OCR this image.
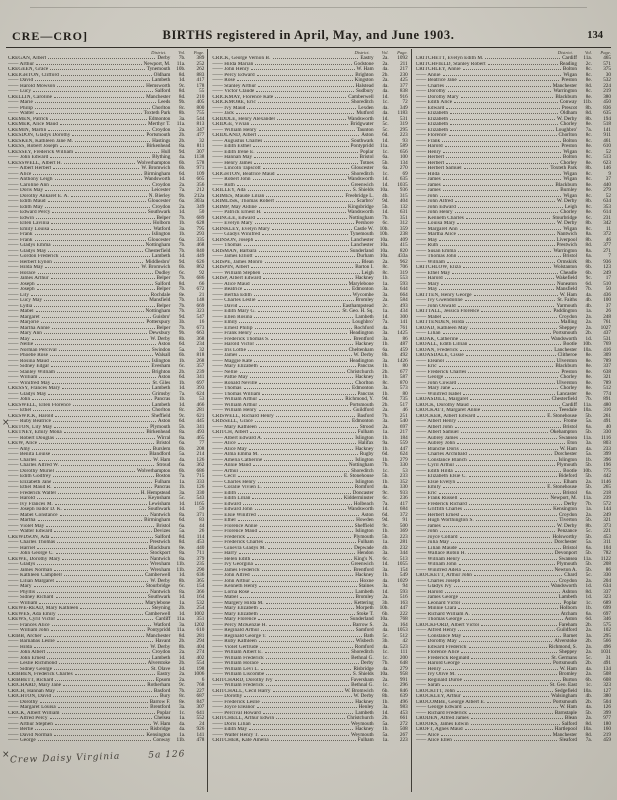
CRE—CRO]	BIRTHS registered in April, May, and June 1903.	134
District.	Vol.	Page.
CREGAN, Albert	Derby	7b.	389
—— Arthur	Newport, M.	11a.	252
CREGEEN, Grace	Tynemouth	10b.	262
CREIGHTON, Clifford	Oldham	8d.	883
—— David	Lambeth	1d.	417
—— Harold Mowson	Hemsworth	9c.	178
—— Lucy	Salford	8d.	55
CRELLIN, Caroline	Manchester	8d.	210
—— Marie	Leeds	9b.	405
—— Philip	Chorlton	8c.	800
—— Walter	Toxteth Park	8b.	755
CREMEN, Patrick	Edmonton	3a.	544
CREMER, Alice Maud	Merthyr T.	11a.	813
CREMIN, Martin	Croydon	2a.	347
CRESDON, Gladys Dorothy	Portsmouth	2b.	477
CRESKEN, Kathleen Jane M.	Hastings	2b.	32
CRESS, Robert Joseph	Birkenhead	8a.	811
CRESSEY, Frederick William	Hull	9d.	307
—— John Edward	Blything	4a.	1138
CRESSWELL, Albert H.	Wolverhampton	6b.	578
—— Albert Herbert	W. Bromwich	6b.	971
—— Alice	Birmingham	6d.	109
—— Anthony Leigh	Wandsworth	1d.	665
—— Caroline Ann	Croydon	2a.	356
—— Doris May	Leicester	7a.	212
—— Dorothy Ankaret E. A.	N. Bierley	9b.	212a
—— Edith Maud	Gloucester	6a.	303a
—— Edith May	Croydon	2a.	349
—— Edward Percy	Southwark	1d.	50
—— Edwin	Belper	7b.	689
—— Ellen Lavinia	Holborn	1b.	628
—— Emily Louisa	Watford	3a.	795
—— Frank	Islington	1b.	293
—— Frank	Gloucester	6a.	335
—— Gladys Emma	Nottingham	7b.	468
—— Gladys May	Chesterfield	7b.	840
—— Gordon Frederick	Lambeth	1d.	449
—— Herbert Eynon	Middlesbro'	9d.	626
—— Hilda May	W. Bromwich	6b.	862
—— Horace	Dudley	6c.	92
—— James Arthur	Belper	7b.	686
—— Joseph	Salford	8d.	66
—— Joseph	Belper	7b.	672
—— Lily	Rochdale	8e.	21
—— Lucy May	Mansfield	7b.	148
—— Lydia	Belper	7b.	669
—— Mabel	Nottingham	7b.	323
—— Margaret	Guisbro'	9d.	547
—— Marjorie	Potterspury	3b.	16
—— Martha Annie	Belper	7b.	673
—— Mary Ann	Dewsbury	9b.	663
—— May	W. Derby	8b.	368
—— Nellie	Aston	6d.	234
—— Norman Percival	Swindon	5a.	32
—— Phoebe Rose	Walsall	6b.	818
—— Rosina Maud	Islington	1b.	268
—— Sidney Edgar	Evesham	6c.	357
—— Stanley William	Brighton	2b.	239
—— William	Aston	6d.	341
—— Winifred May	St. Giles	1b.	697
CRESSY, Frances Mary	Lambeth	1d.	393
—— Gladys May	Grimsby	7a.	624
—— John	Pancras	1b.	53
CRESWELL, Ellen Florence	Lambeth	1d.	466
—— Ethel	Chorlton	8c.	281
CRESWICK, Harold	Sheffield	9c.	621
—— Ruby Beatrice	Aston	6d.	445
CRETON, Lily May	Plymouth	5b.	341
CRETNEY, Emily Mona	Birkenhead	8a.	493
—— Robert Douglas	Wirral	8a.	465
CREW, Alice	Bristol	6a.	77
—— Amy	Burslem	6b.	208
—— Benita Louise	Blandford	5a.	214
—— Charles	W. Ham	4a.	126
—— Charles Alfred W.	Stroud	6a.	362
—— Dorothy Muriel	Wolverhampton	6b.	686
—— Edith Godfrey	Boston	7a.	715
—— Elizabeth Jane	Fulham	1a.	333
—— Ethel Maud R.	Pancras	1b.	126
—— Frederick Walter	H. Hempstead	3a.	330
—— Harold	Keynsham	5c.	543
—— Ivy Frances M.	Lewisham	1d.	1165
—— Joseph Isidor D. K.	Southwark	1d.	59
—— Mabel Constance	Nantwich	8a.	371
—— Martha	Birmingham	6d.	83
—— Violet May	Bristol	6a.	44
—— Walter Edward	Devizes	5a.	26
CREWDSON, Ada	Salford	8d.	114
—— Charles Thomas	Prestwich	8d.	453
—— Harriet	Blackburn	8e.	440
—— John George C.	Stockport	8a.	711
CREWE, Dorothy Mary	Nantwich	8a.	379
—— Gladys	Wrexham	11b.	235
—— James Norman	Wrexham	11b.	290
—— Kathleen Campbell	Camberwell	1d.	636
—— Lilian Margaret	W. Derby	8b.	365
—— Mary	Stourbridge	6c.	154
—— Phyllis	Nantwich	8a.	366
—— Sidney Richard	Southwark	1d.	164
—— William	Marylebone	1a.	532
CREWE-READ, Mary Kathleen	Steyning	2b.	254
CREWES, Ada Emily	Camberwell	1d.	1002
CREWS, Cyril Victor	Cardiff	11a.	351
—— Frances Alice	Watford	3a.	1202
—— William John	Pontypridd	11a.	610
CRIBB, Archer	Manchester	8d.	281
—— Barnabas Leslie	Havant	2b.	294
—— Hilda	W. Derby	8b.	404
—— John Albert	Croydon	2a.	274
—— John Ernest	Lambeth	1d.	402
—— Leslie Richmond	Alverstoke	2b.	554
—— Sidney George	St. Olave	1d.	198
CRIBBEN, Frederick Charles	Eastry	2a.	1006
CRIBBETT, Richard	Epsom	2a.	6
CRICHARD, Mary Jane	Rotherham	9c.	768
CRICH, Hannah May	Basford	7b.	227
CRICHTON, David	Bury	8c.	687
—— Dorothy	Barrow F.	8e.	847
—— Margaret Louisa	Brentford	3a.	307
CRICK, Albert William	Poplar	1c.	641
—— Alfred Percy	Chelsea	1a.	552
—— Arthur Stephen	W. Ham	4a.	24
—— Bertie	Risbridge	4a.	926
—— David Norman	Kensington	1a.	141
—— George	Conway	11b.	478
District.	Vol.	Page.
CRICK, George Vernon B.	Eastry	2a.	1092
—— Hilda Marian	Godstone	2a.	211
—— John Henry	W. Ham	4a.	217
—— Percy Edward	Brighton	2b.	230
—— Rose	Kingston	2a.	425
—— Stanley Arthur	Halstead	4a.	377
—— Victor Claude	Sudbury	4a.	838
CRICKMAY, Florence Kate	Camberwell	1d.	916
CRICKMORE, Eric	Shoreditch	1c.	72
—— Ivy Maud	Lexden	4a.	349
—— Jack	Mutford	4a.	1183
CRIDDLE, Henry Alexander	Wandsworth	1d.	531
CRIDGE, Vivian	Bridgwater	5c.	319
—— William Henry	Taunton	5c.	295
CRIDLAND, Albert	Aston	6d.	223
—— Augustus Charles	Southwark	1d.	93
—— Edith Esther	Pontypridd	11a.	589
—— Edith Irene E.	Poplar	1c.	656
—— Hannah May	Bristol	6a.	100
—— Henry James	Totnes	5b.	134
—— Lincoln Tapscott	Gloucester	6a.	270
CRIGHTON, Beatrice Maud	Shoreditch	1c.	69
—— Robert John	Wandsworth	1d.	635
—— Ruth	Greenwich	1d.	1035
CRILLEY, Ada	S. Shields	10a.	936
CRIMES, Maude Lilian	Freebridge L.	4b.	315
CRIMLISK, Thomas Robert	Scarbro'	9d.	404
CRIMP, May Aldine	Kingsbridge	5b.	132
—— Patrick Ernest H.	Wandsworth	1d.	631
CRINGLE, Edward	Nottingham	7b.	351
—— Evelyn Mary	Pershore	6c.	312
CRINKLEY, Evelyn Mary	Castle W.	10b.	359
—— Gladys Winifred	Tynemouth	10b.	238
CRINSON, Joseph	Lanchester	10a.	409
—— Thomas	Lanchester	10a.	415
CRISMAN, Barbara	Sunderland	10a.	820
—— James Elliott	Durham	10a.	433a
CRISPE, James Monro	Blean	2a.	962
CRISPIN, Albert	Barton I.	8c.	706
—— William Stephen	Leigh	8c.	319
CRISP, Albert Edward	Hackney	1b.	553
—— Alice Maud	Marylebone	1a.	593
—— Beatrice	Edmonton	3a.	644
—— Bertha Edith	Wycombe	3a.	664
—— Charles Leslie	Bromley	2a.	584
—— David	Easthampstead	2c.	493
—— Edith Mary G.	St. Geo. H. Sq.	1a.	434
—— Ellen Rosina	Lambeth	1d.	300
—— Emily	Loughbro'	7a.	141
—— Ernest Philip	Rochford	4a.	761
—— Frank Henry	Headington	3a.	1425
—— Frederick Thomas S.	Brentford	3a.	86
—— Harold Victor	Hackney	1b.	487
—— Iris Lottie	Cheltenham	6a.	459
—— James	W. Derby	8b.	492
—— Maggie Kate	Headington	3a.	1426
—— Mary Elizabeth	Pancras	1b.	80
—— Nellie	Christchurch	2b.	677
—— Pattie May	Hackney	1b.	587
—— Ronald Neville	Chorlton	8c.	870
—— Thomas	Edmonton	3a.	573
—— Thomas William	Pancras	1b.	80
—— William Arthur	Richmond, Y.	9d.	735
—— William Arthur	Portsmouth	2b.	517
—— William Henry	Guildford	2a.	46
CRISWELL, Richard Henry	Basford	7b.	251
CRISSELL, Grace	Edmonton	3a.	540
—— Mary Kathleen	Strood	2a.	697
CRITCH, Albert	Fulham	1a.	217
—— Albert Edward A.	Islington	1b.	184
—— Alice	Halifax	9a.	559
—— Alice May	Hackney	1b.	447
—— Alma Emma M.	Rugby	6d.	624
—— Amelia Catherine	Islington	1b.	279
—— Annie Maud	Nottingham	7b.	330
—— Arthur	Shoreditch	1c.	53
—— Cecil	E. Stonehouse	5b.	233
—— Charles Henry	Islington	1b.	352
—— Coralie Vivien L.	Romford	4a.	330
—— Edith	Doncaster	9c.	933
—— Edith Lilian	Kidderminster	6c.	236
—— Edward	Holbeach	7a.	417
—— Edward John	Wandsworth	1d.	684
—— Elsie Winifred	Aston	6d.	372
—— Ethel	Howden	9d.	91
—— Florence Annie	Sheffield	9c.	500
—— Florence Maud	Islington	1b.	369
—— Frederick	Plymouth	5b.	223
—— Frederick Charles	Fulham	1a.	281
—— Ginevra Gladys M.	Depwade	4b.	232
—— Harry	Hendon	3a.	344
—— Helen Edith	King's N.	6c.	513
—— Ivy Georgina	Greenwich	1d.	1055
—— James Frederick	Brentford	3a.	154
—— John Alfred	Hackney	1b.	549
—— John Arthur	Hoxne	4a.	1029
—— Kenneth Henry	Staines	3a.	94
—— Lorna Rose	Lambeth	1d.	593
—— Mabel	Bromley	2a.	516
—— Margery Hilda M.	Kettering	3b.	163
—— Mary Elizabeth	Morpeth	10b.	447
—— Mary Elizabeth	Stoke T.	6b.	222
—— Mary Florence	Sunderland	10a.	768
—— Percy McKenzie H.	Barrow S.	2a.	164
—— Reginald Arthur	Samford	4a.	1053
—— Reginald George T.	Bath	5c.	512
—— Ruby Kathleen	Wisbech	3b.	42
—— Violet Gertrude	Romford	4a.	523
—— William Albert E.	Shoreditch	1c.	111
—— William Frederick	Bethnal G.	1c.	200
—— William Horace	Derby	7b.	648
—— William Levi L.	Risbridge	4a.	279
—— William Liscombe	S. Shields	10a.	958
CRITCHARD, Dorothy Ivy	Faversham	2a.	991
—— William Frederick	Bethnal G.	1c.	296
CRITCHALL, Cecil Harry	W. Bromwich	6b.	846
—— Dorothy	W. Derby	8b.	639
—— Frederick Leslie	Hackney	1b.	496
—— Joyce Eleanor	Henley	3a.	983
—— Percival Howard	Lambeth	1d.	453
CRITCHELL, Arthur Edwin	Christchurch	2b.	661
—— Doris Lilian	Weymouth	5a.	272
—— Edith May	Hackney	1b.	508
—— Walter Henry T.	Weymouth	5a.	267
CRITCHER, Kate Amelia	Fulham	1a.	223
District.	Vol.	Page.
CRITCHETT, Evelyn Edith M.	Cardiff	11a.	465
CRITCHFIELD, Stanley Robert	Reading	2c.	571
CRITCHLEY, Annie	Bolton	8c.	375
—— Annie	Wigan	8c.	30
—— Beatrice Jane	Preston	8e.	532
—— Charles	Manchester	8d.	224
—— Dorothy	Warrington	8c.	219
—— Dorothy Mary	Blackburn	8e.	380
—— Edith Alice	Conway	11b.	450
—— Edward	Prescot	8b.	836
—— Elizabeth	Oldham	8d.	635
—— Elizabeth	W. Derby	8b.	194
—— Elizabeth	Chorley	8e.	518
—— Elizabeth	Loughbro'	7a.	141
—— Florence	Chorlton	8c.	911
—— Frank	Bolton	8c.	461
—— Harold	Preston	8e.	610
—— Henry	Wigan	8c.	52
—— Herbert	Bolton	8c.	513
—— Herbert	Chorley	8e.	623
—— Herbert Samuel	Toxteth Park	8b.	146
—— Hilda	Wigan	8c.	9
—— James	Wigan	8c.	37
—— James	Blackburn	8e.	440
—— James	Burnley	8e.	279
—— John	Wigan	8c.	52
—— John Alfred	W. Derby	8b.	634
—— John Edward	Leigh	8c.	353
—— John Henry	Chorley	8e.	614
—— Kenneth Charles	Stourbridge	6c.	231
—— Louisa Mary	W. Derby	8b.	342
—— Margaret Ann	Wigan	8c.	11
—— Martha Alice	Nantwich	8a.	372
—— May	Liverpool	8b.	46
—— Ruth	Prestwich	8d.	377
—— Susan Emma	Warrington	8a.	271
—— Thomas John	Bristol	6a.	7
—— William	Ormskirk	8b.	936
CRITCHLOW, Eliza	Wolstanton	6b.	123
—— Ethel May	Cheadle	6b.	249
—— Harold	Wakefield	9c.	17
—— Mary	Nuneaton	6d.	510
—— May	Mansfield	7b.	50
CRITTEN, Henry George	W. Ham	4a.	436
—— Ivy Gwendoline	St. Faiths	4b.	100
—— John Oswald	Yarmouth	4b.	37
CRITTALL, Jessica Florence	Paddington	1a.	26
—— Mabel	Croydon	2a.	248
CRITTENDEN, Hilda	Malling	2a.	761
CROAD, Kathleen May	Sheppey	2a.	1027
—— Lilian	Portsmouth	2b.	437
CROAK, Catherine	Wandsworth	1d.	531
CROALL, Edith Lillian	Bootle	10b.	769
CROAN, Frederick	Lanchester	10a.	416
CROASDALE, Cissie	Clitheroe	8e.	309
—— Eleanor	Ulverston	8e.	789
—— Eric	Blackburn	8e.	337
—— Frederick Charles	Preston	8e.	638
—— George	Chorley	8e.	321
—— John Coward	Ulverston	8e.	789
—— Mary Jane	Chorley	8e.	512
—— Winifred Isabel	Lancaster	8e.	774
CROASDILL, Margaret	Chesterfield	7b.	891
CROCK, Dorothy Maud	Cardiff	11a.	480
CROCKATT, Margaret Annie	Teesdale	10a.	316
CROCKER, Albert Edward	E. Stonehouse	5b.	261
—— Albert Henry	Frome	5a.	491
—— Albert John	Bristol	6a.	40
—— Albert Samuel	Okehampton	5b.	330
—— Aubrey James	Swansea	11a.	1116
—— Aubrey John	Eton	3a.	803
—— Blanche Doris	W. Ham	4a.	233
—— Charles Archibald	Dorchester	5a.	399
—— Constance Blanch	Islington	1b.	396
—— Cyril Arthur	Plymouth	5b.	196
—— Edith Hilda	Bootle	10b.	775
—— Elizabeth Elsie C.	Bideford	5b.	442
—— Elsie Evelyn	Elham	2a.	1146
—— Emily	E. Stonehouse	5b.	265
—— Eric	Bristol	6a.	218
—— Frank Russell	Newport, M.	11a.	239
—— Frederick Richard	Derby	7b.	572
—— Griffith Charles	Kensington	1a.	144
—— Herbert Ernest	Croydon	2a.	249
—— Hugh Worthington S.	Tiverton	5b.	321
—— James	W. Derby	8b.	373
—— John	Penzance	5c.	221
—— Joyce Collard	Holsworthy	5b.	453
—— Julia May	Dorchester	5a.	311
—— Lilian Maude	Bristol	6a.	104
—— Wallace Robin H.	Devonport	5b.	782
—— William Henry	Swansea	11a.	1122
—— William John	Plymouth	5b.	208
—— Winifred Adela	Newton A.	5b.	86
CROCKETT, Arthur John	Chard	5c.	330
—— Charles Joseph	Croydon	2a.	204
—— Gladys Ivy	Wandsworth	1d.	634
—— Harold	Ashton	8d.	337
—— James George	Lambeth	1d.	323
—— Leonard Victor	Poplar	1c.	689
—— Minnie Clara	Holborn	1b.	699
—— Richard William A.	Atcham	6a.	697
—— Thomas George	Aston	6d.	346
CROCKFORD, Albert Victor	Fareham	2b.	575
—— Alfred Henry	Guildford	2a.	102
—— Constance May	Barnet	3a.	295
—— Dorothy May	Alverstoke	2b.	566
—— Edward Frederick	Richmond, S.	2a.	496
—— Florence Alice	Sheppey	2a.	1031
—— Frederick Reginald	St. Germans	5c.	31
—— Harold George	Portsmouth	2b.	491
—— Henry	W. Ham	4a.	134
—— Ivy Olive M.	Bromley	2a.	508
—— Reginald Duroe	Burton	6b.	608
—— Sarah	St. Geo. East	1c.	323
CROCKITT, John	Sedgefield	10a.	127
CROCKLEY, Arthur	Walsingham	4b.	380
CROCOMBE, George Albert E.	Portsmouth	2b.	504
—— George Edward	W. Ham	4a.	126
—— Richard Frederick	Barnstaple	5b.	399
CRODEN, Alfred James	Blean	2a.	977
CROOKS, James Edwin	Salford	8d.	180
CROFT, Agnes Maud	Hartlepool	10a.	160
—— Alice	Manchester	8d.	219
—— Alice Ellen	Sleaford	7a.	459
×
× Crew Daisy Virginia	5a 126
